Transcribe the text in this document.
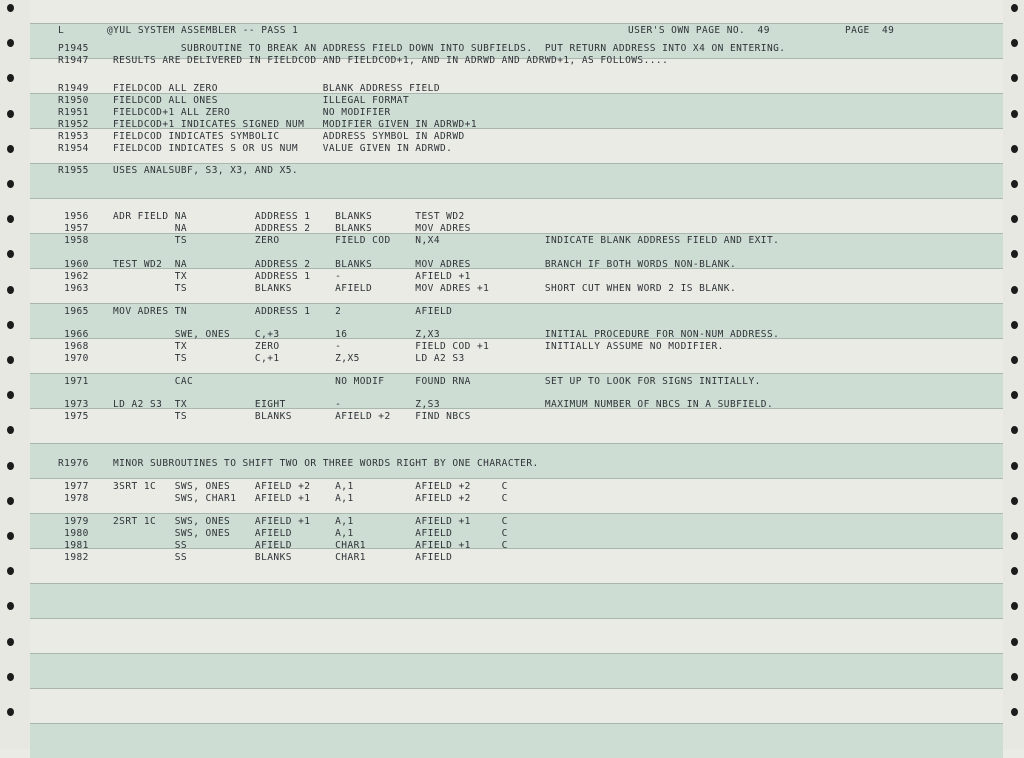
L	@YUL SYSTEM ASSEMBLER -- PASS 1	USER'S OWN PAGE NO.  49	PAGE  49
P1945	SUBROUTINE TO BREAK AN ADDRESS FIELD DOWN INTO SUBFIELDS.  PUT RETURN ADDRESS INTO X4 ON ENTERING.
R1947	RESULTS ARE DELIVERED IN FIELDCOD AND FIELDCOD+1, AND IN ADRWD AND ADRWD+1, AS FOLLOWS....
R1949	FIELDCOD ALL ZERO                 BLANK ADDRESS FIELD
R1950	FIELDCOD ALL ONES                 ILLEGAL FORMAT
R1951	FIELDCOD+1 ALL ZERO               NO MODIFIER
R1952	FIELDCOD+1 INDICATES SIGNED NUM   MODIFIER GIVEN IN ADRWD+1
R1953	FIELDCOD INDICATES SYMBOLIC       ADDRESS SYMBOL IN ADRWD
R1954	FIELDCOD INDICATES S OR US NUM    VALUE GIVEN IN ADRWD.
R1955	USES ANALSUBF, S3, X3, AND X5.
1956	ADR FIELD NA           ADDRESS 1    BLANKS       TEST WD2
1957	NA           ADDRESS 2    BLANKS       MOV ADRES
1958	TS           ZERO         FIELD COD    N,X4                 INDICATE BLANK ADDRESS FIELD AND EXIT.
1960	TEST WD2  NA           ADDRESS 2    BLANKS       MOV ADRES            BRANCH IF BOTH WORDS NON-BLANK.
1962	TX           ADDRESS 1    -            AFIELD +1
1963	TS           BLANKS       AFIELD       MOV ADRES +1         SHORT CUT WHEN WORD 2 IS BLANK.
1965	MOV ADRES TN           ADDRESS 1    2            AFIELD
1966	SWE, ONES    C,+3         16           Z,X3                 INITIAL PROCEDURE FOR NON-NUM ADDRESS.
1968	TX           ZERO         -            FIELD COD +1         INITIALLY ASSUME NO MODIFIER.
1970	TS           C,+1         Z,X5         LD A2 S3
1971	CAC                       NO MODIF     FOUND RNA            SET UP TO LOOK FOR SIGNS INITIALLY.
1973	LD A2 S3  TX           EIGHT        -            Z,S3                 MAXIMUM NUMBER OF NBCS IN A SUBFIELD.
1975	TS           BLANKS       AFIELD +2    FIND NBCS
R1976	MINOR SUBROUTINES TO SHIFT TWO OR THREE WORDS RIGHT BY ONE CHARACTER.
1977	3SRT 1C   SWS, ONES    AFIELD +2    A,1          AFIELD +2     C
1978	SWS, CHAR1   AFIELD +1    A,1          AFIELD +2     C
1979	2SRT 1C   SWS, ONES    AFIELD +1    A,1          AFIELD +1     C
1980	SWS, ONES    AFIELD       A,1          AFIELD        C
1981	SS           AFIELD       CHAR1        AFIELD +1     C
1982	SS           BLANKS       CHAR1        AFIELD
